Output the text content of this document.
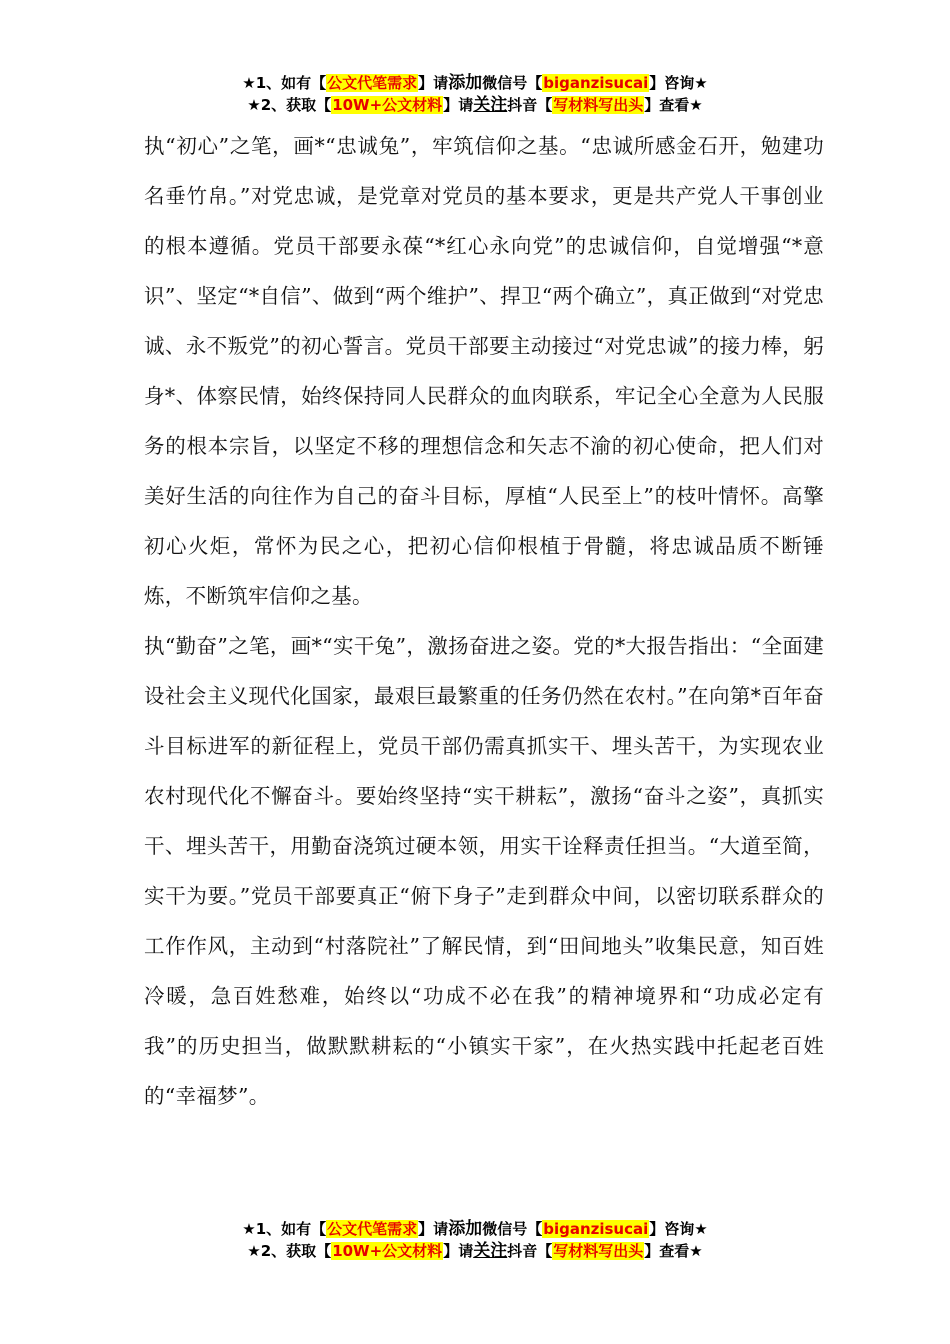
★1、如有【公文代笔需求】请添加微信号【biganzisucai】咨询★
★2、获取【10W+公文材料】请关注抖音【写材料写出头】查看★

执“初心”之笔，画*“忠诚兔”，牢筑信仰之基。“忠诚所感金石开，勉建功名垂竹帛。”对党忠诚，是党章对党员的基本要求，更是共产党人干事创业的根本遵循。党员干部要永葆“*红心永向党”的忠诚信仰，自觉增强“*意识”、坚定“*自信”、做到“两个维护”、捍卫“两个确立”，真正做到“对党忠诚、永不叛党”的初心誓言。党员干部要主动接过“对党忠诚”的接力棒，躬身*、体察民情，始终保持同人民群众的血肉联系，牢记全心全意为人民服务的根本宗旨，以坚定不移的理想信念和矢志不渝的初心使命，把人们对美好生活的向往作为自己的奋斗目标，厚植“人民至上”的枝叶情怀。高擎初心火炬，常怀为民之心，把初心信仰根植于骨髓，将忠诚品质不断锤炼，不断筑牢信仰之基。

执“勤奋”之笔，画*“实干兔”，激扬奋进之姿。党的*大报告指出：“全面建设社会主义现代化国家，最艰巨最繁重的任务仍然在农村。”在向第*百年奋斗目标进军的新征程上，党员干部仍需真抓实干、埋头苦干，为实现农业农村现代化不懈奋斗。要始终坚持“实干耕耘”，激扬“奋斗之姿”，真抓实干、埋头苦干，用勤奋浇筑过硬本领，用实干诠释责任担当。“大道至简，实干为要。”党员干部要真正“俯下身子”走到群众中间，以密切联系群众的工作作风，主动到“村落院社”了解民情，到“田间地头”收集民意，知百姓冷暖，急百姓愁难，始终以“功成不必在我”的精神境界和“功成必定有我”的历史担当，做默默耕耘的“小镇实干家”，在火热实践中托起老百姓的“幸福梦”。

★1、如有【公文代笔需求】请添加微信号【biganzisucai】咨询★
★2、获取【10W+公文材料】请关注抖音【写材料写出头】查看★
